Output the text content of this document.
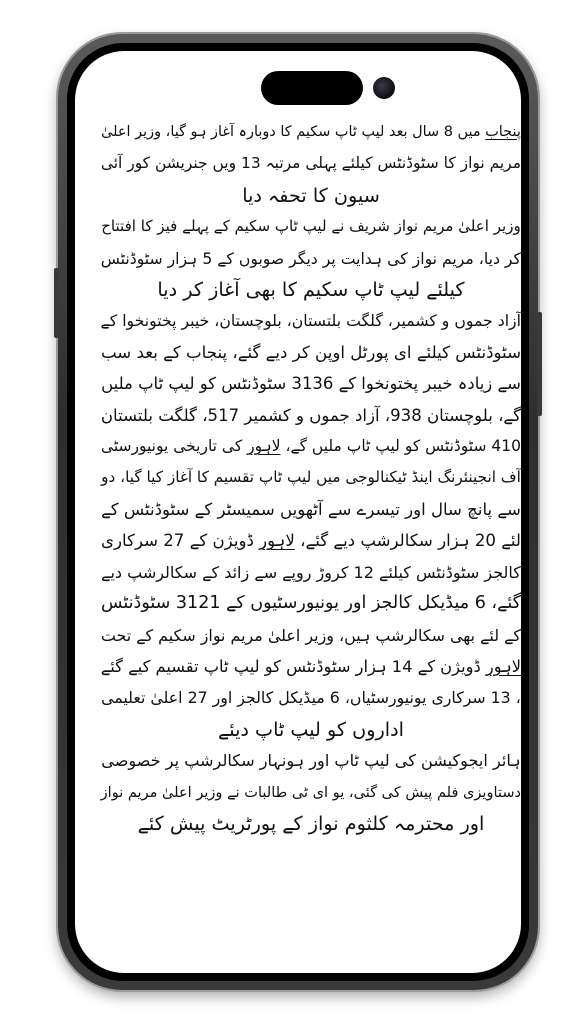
پنجاب میں 8 سال بعد لیپ ٹاپ سکیم کا دوبارہ آغاز ہو گیا، وزیر اعلیٰ
مریم نواز کا سٹوڈنٹس کیلئے پہلی مرتبہ 13 ویں جنریشن کور آئی
سیون کا تحفہ دیا

وزیر اعلیٰ مریم نواز شریف نے لیپ ٹاپ سکیم کے پہلے فیز کا افتتاح
کر دیا، مریم نواز کی ہدایت پر دیگر صوبوں کے 5 ہزار سٹوڈنٹس
کیلئے لیپ ٹاپ سکیم کا بھی آغاز کر دیا

آزاد جموں و کشمیر، گلگت بلتستان، بلوچستان، خیبر پختونخوا کے
سٹوڈنٹس کیلئے ای پورٹل اوپن کر دیے گئے، پنجاب کے بعد سب
سے زیادہ خیبر پختونخوا کے 3136 سٹوڈنٹس کو لیپ ٹاپ ملیں
گے، بلوچستان 938، آزاد جموں و کشمیر 517، گلگت بلتستان
410 سٹوڈنٹس کو لیپ ٹاپ ملیں گے، لاہور کی تاریخی یونیورسٹی
آف انجینئرنگ اینڈ ٹیکنالوجی میں لیپ ٹاپ تقسیم کا آغاز کیا گیا، دو
سے پانچ سال اور تیسرے سے آٹھویں سمیسٹر کے سٹوڈنٹس کے
لئے 20 ہزار سکالرشپ دیے گئے، لاہور ڈویژن کے 27 سرکاری
کالجز سٹوڈنٹس کیلئے 12 کروڑ روپے سے زائد کے سکالرشپ دیے
گئے، 6 میڈیکل کالجز اور یونیورسٹیوں کے 3121 سٹوڈنٹس
کے لئے بھی سکالرشپ ہیں، وزیر اعلیٰ مریم نواز سکیم کے تحت
لاہور ڈویژن کے 14 ہزار سٹوڈنٹس کو لیپ ٹاپ تقسیم کیے گئے
، 13 سرکاری یونیورسٹیاں، 6 میڈیکل کالجز اور 27 اعلیٰ تعلیمی
اداروں کو لیپ ٹاپ دیئے

ہائر ایجوکیشن کی لیپ ٹاپ اور ہونہار سکالرشپ پر خصوصی
دستاویزی فلم پیش کی گئی، یو ای ٹی طالبات نے وزیر اعلیٰ مریم نواز
اور محترمہ کلثوم نواز کے پورٹریٹ پیش کئے
